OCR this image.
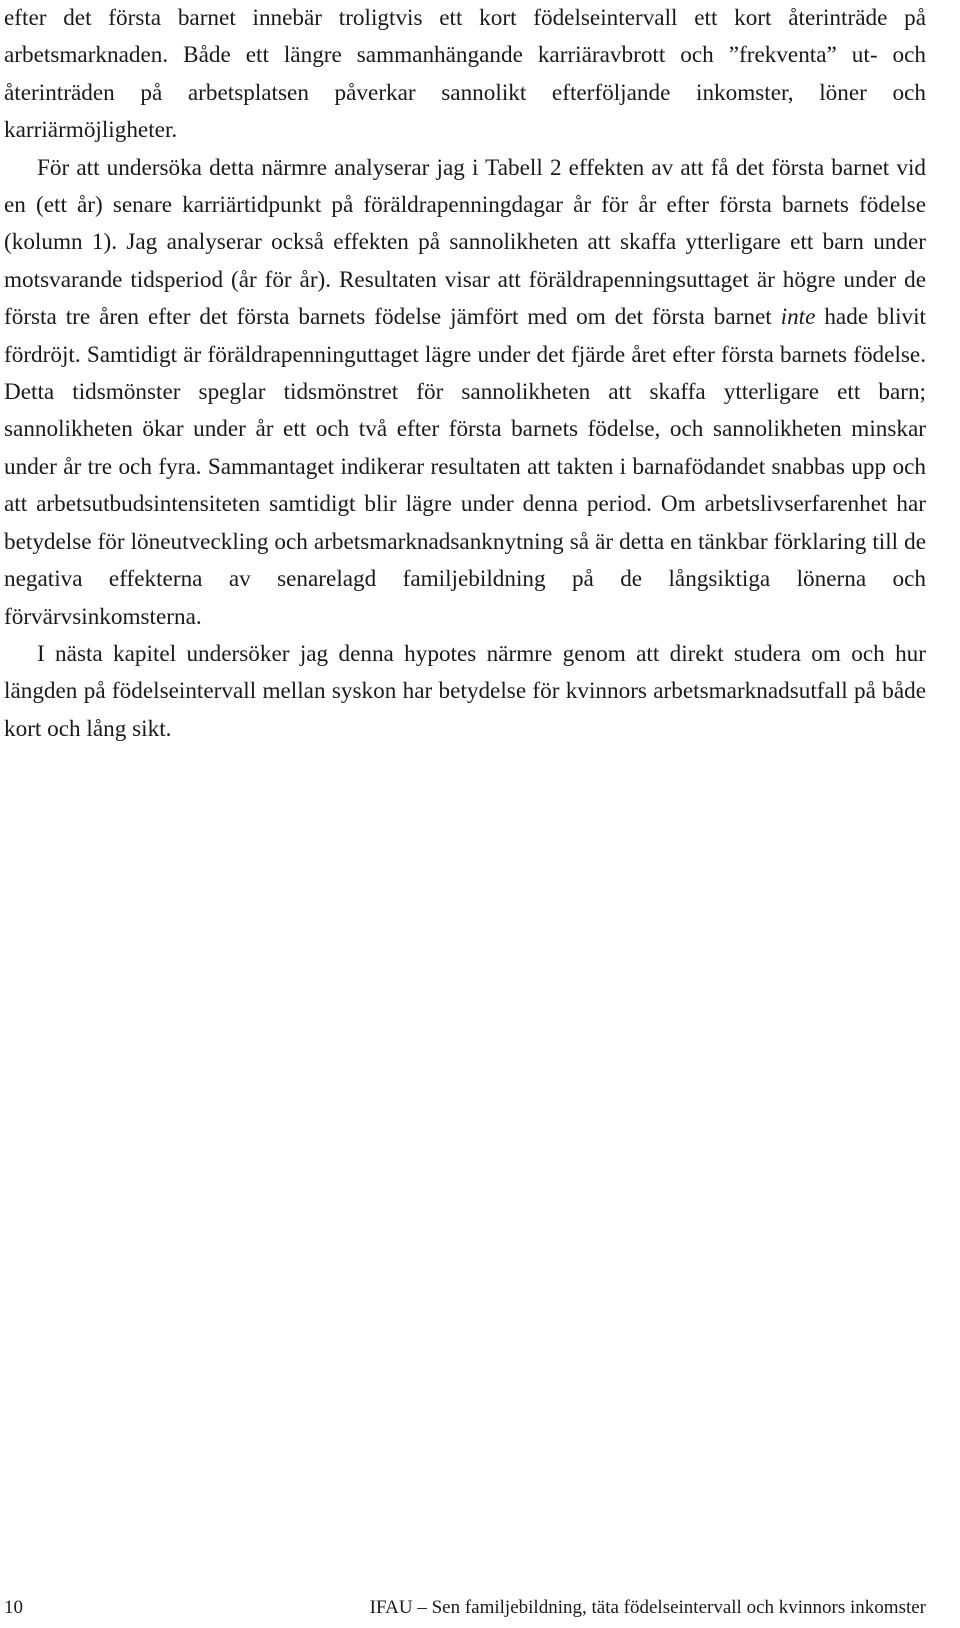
efter det första barnet innebär troligtvis ett kort födelseintervall ett kort återinträde på arbetsmarknaden. Både ett längre sammanhängande karriäravbrott och ”frekventa” ut- och återinträden på arbetsplatsen påverkar sannolikt efterföljande inkomster, löner och karriärmöjligheter.

För att undersöka detta närmre analyserar jag i Tabell 2 effekten av att få det första barnet vid en (ett år) senare karriärtidpunkt på föräldrapenningdagar år för år efter första barnets födelse (kolumn 1). Jag analyserar också effekten på sannolikheten att skaffa ytterligare ett barn under motsvarande tidsperiod (år för år). Resultaten visar att föräldrapenningsuttaget är högre under de första tre åren efter det första barnets födelse jämfört med om det första barnet inte hade blivit fördröjt. Samtidigt är föräldrapenninguttaget lägre under det fjärde året efter första barnets födelse. Detta tidsmönster speglar tidsmönstret för sannolikheten att skaffa ytterligare ett barn; sannolikheten ökar under år ett och två efter första barnets födelse, och sannolikheten minskar under år tre och fyra. Sammantaget indikerar resultaten att takten i barnafödandet snabbas upp och att arbetsutbudsintensiteten samtidigt blir lägre under denna period. Om arbetslivserfarenhet har betydelse för löneutveckling och arbetsmarknadsanknytning så är detta en tänkbar förklaring till de negativa effekterna av senarelagd familjebildning på de långsiktiga lönerna och förvärvsinkomsterna.

I nästa kapitel undersöker jag denna hypotes närmre genom att direkt studera om och hur längden på födelseintervall mellan syskon har betydelse för kvinnors arbetsmarknadsutfall på både kort och lång sikt.

10	IFAU – Sen familjebildning, täta födelseintervall och kvinnors inkomster
